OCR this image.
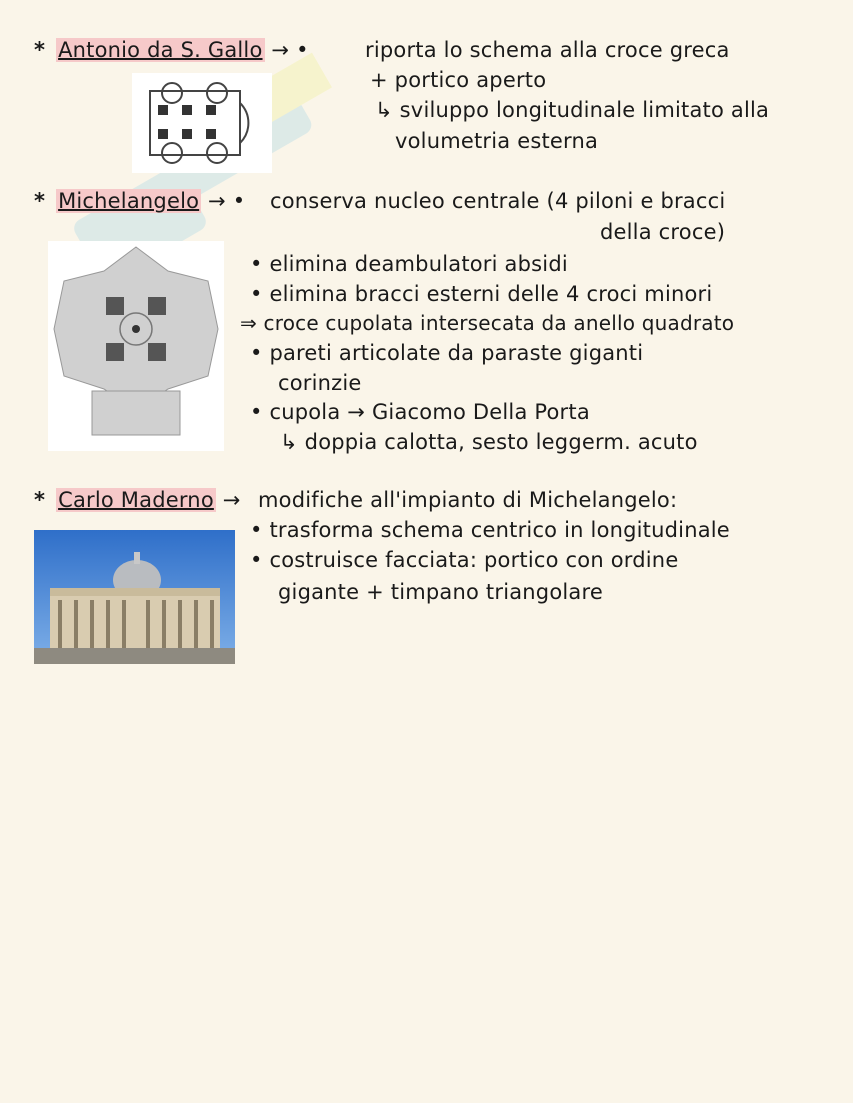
* Antonio da S. Gallo → •	riporta lo schema alla croce greca
+ portico aperto
↳ sviluppo longitudinale limitato alla
volumetria esterna
* Michelangelo → • conserva nucleo centrale (4 piloni e bracci
della croce)
• elimina deambulatori absidi
• elimina bracci esterni delle 4 croci minori
⇒ croce cupolata intersecata da anello quadrato
• pareti articolate da paraste giganti
corinzie
• cupola → Giacomo Della Porta
↳ doppia calotta, sesto leggerm. acuto
* Carlo Maderno → modifiche all'impianto di Michelangelo:
• trasforma schema centrico in longitudinale
• costruisce facciata: portico con ordine
gigante + timpano triangolare
